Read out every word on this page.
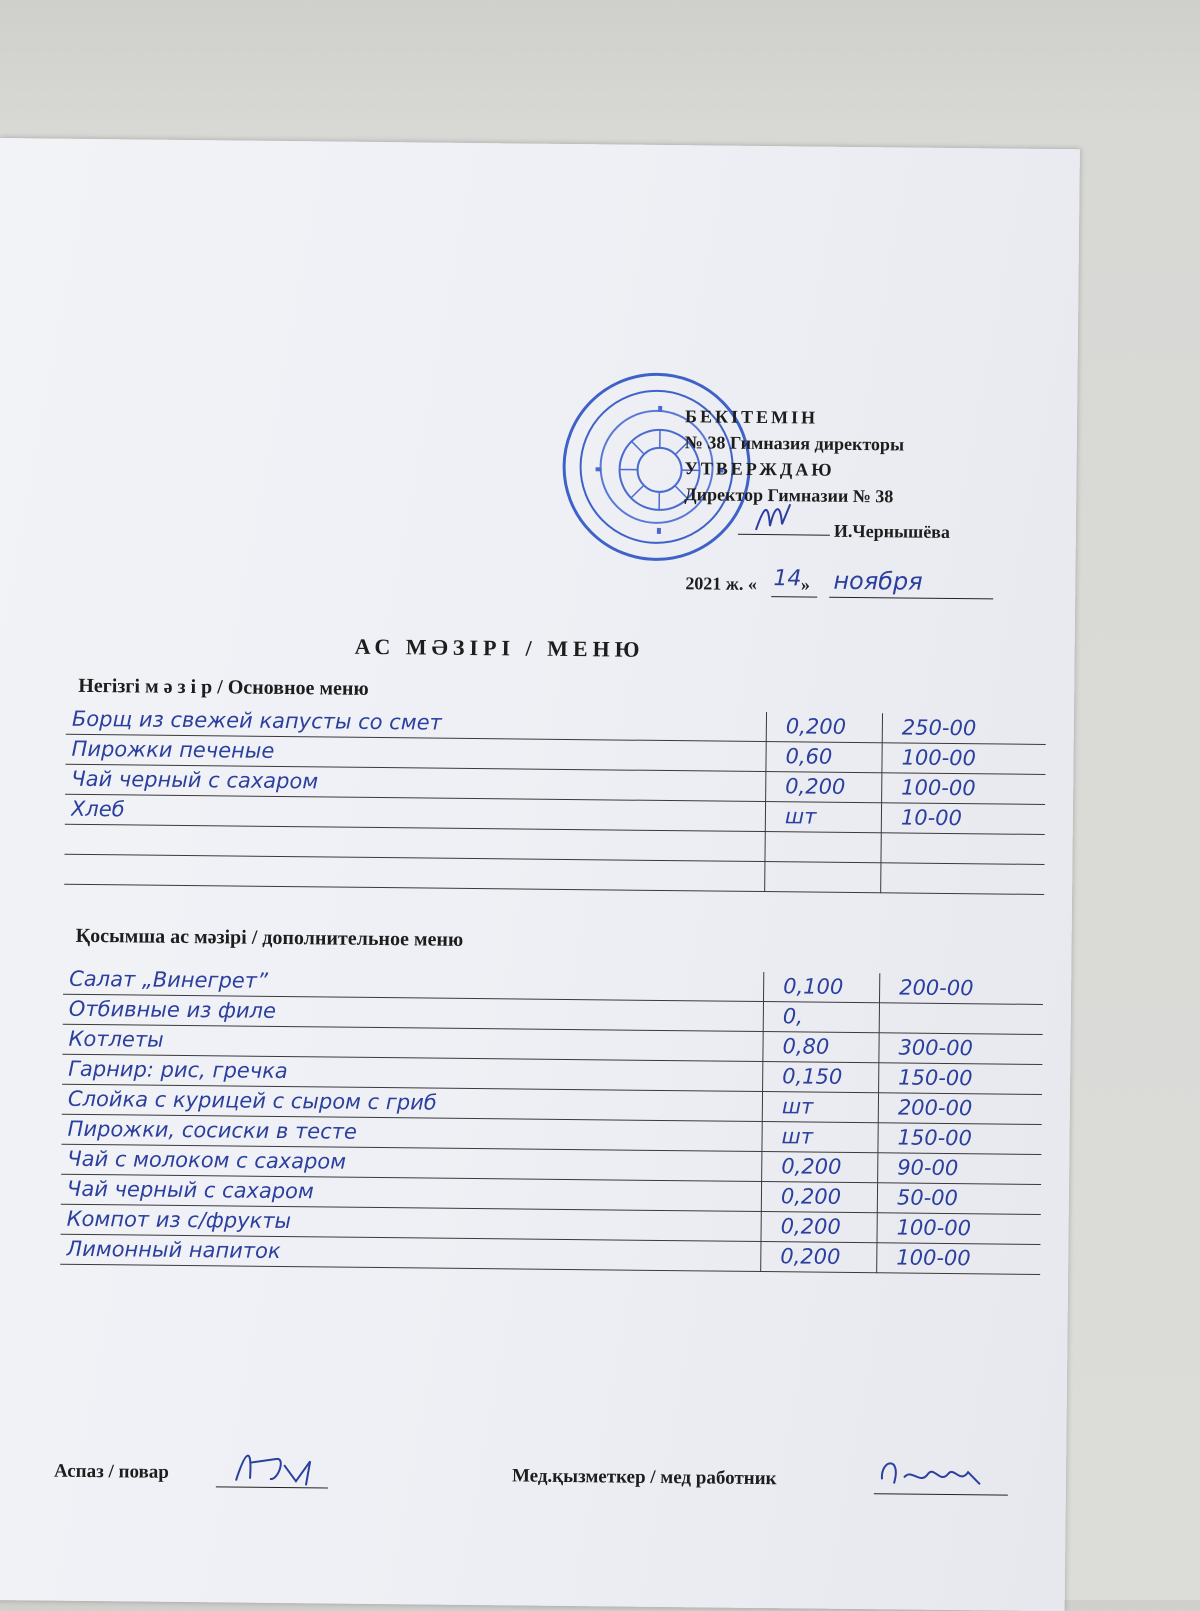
БЕКІТЕМІН
№ 38 Гимназия директоры
УТВЕРЖДАЮ
Директор Гимназии № 38
И.Чернышёва
2021 ж. « »
14 ноября
АС МӘЗІРІ / МЕНЮ
Негізгі м ә з і р / Основное меню
Борщ из свежей капусты со смет	0,200	250-00
Пирожки печеные	0,60	100-00
Чай черный с сахаром	0,200	100-00
Хлеб	шт	10-00
Қосымша ас мәзірі / дополнительное меню
Салат „Винегрет”	0,100	200-00
Отбивные из филе	0,
Котлеты	0,80	300-00
Гарнир: рис, гречка	0,150	150-00
Слойка с курицей с сыром с гриб	шт	200-00
Пирожки, сосиски в тесте	шт	150-00
Чай с молоком с сахаром	0,200	90-00
Чай черный с сахаром	0,200	50-00
Компот из с/фрукты	0,200	100-00
Лимонный напиток	0,200	100-00
Аспаз / повар	Мед.қызметкер / мед работник
